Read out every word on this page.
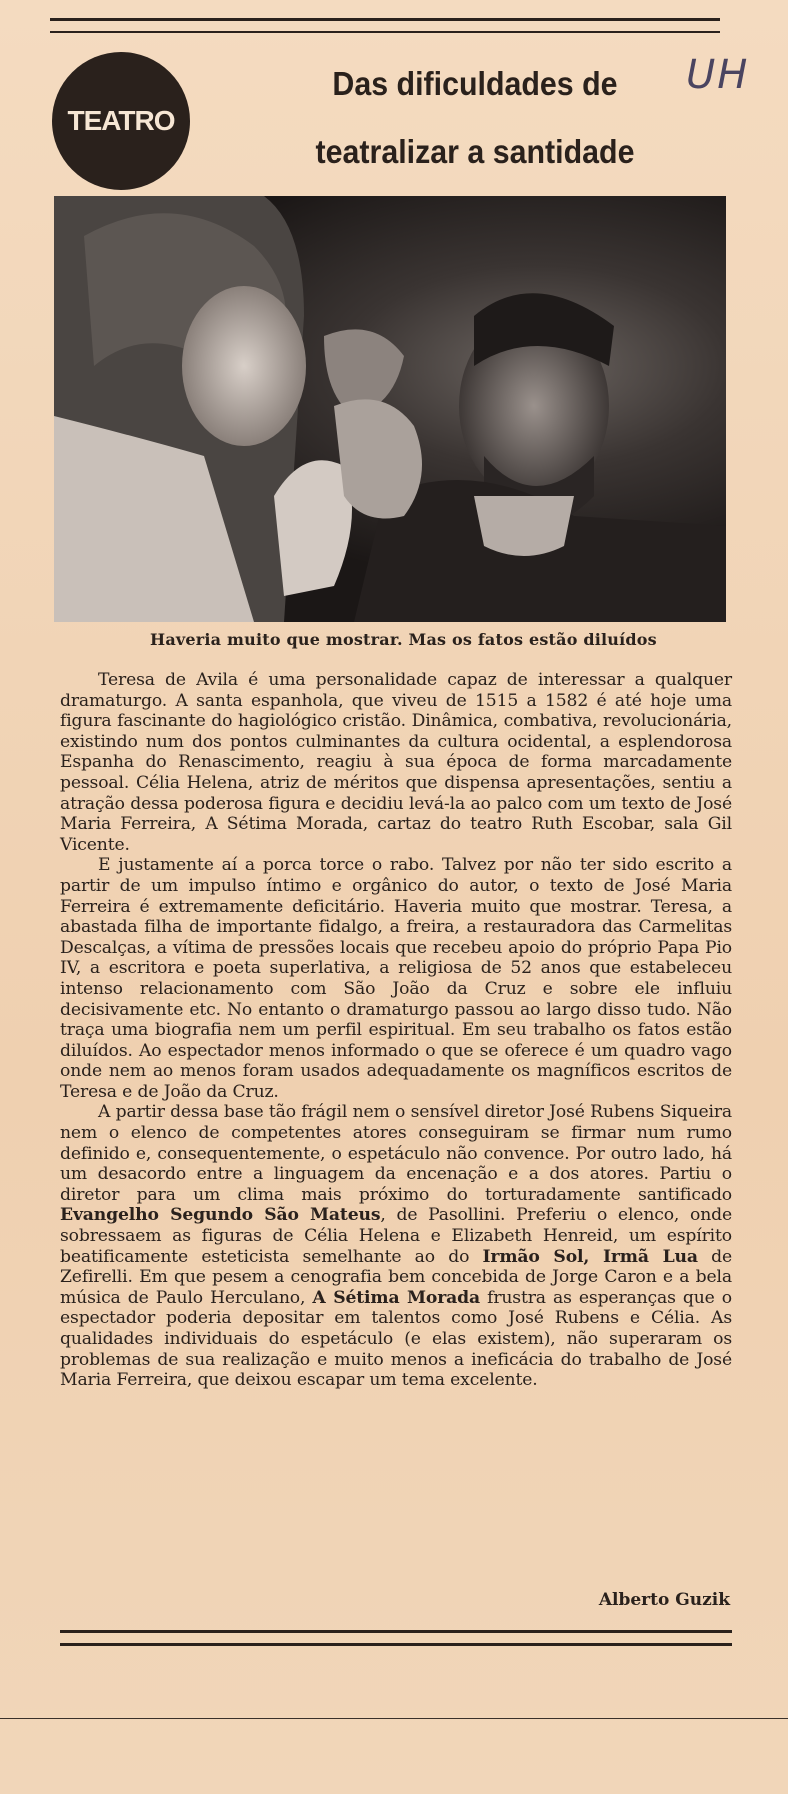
TEATRO
Das dificuldades de
teatralizar a santidade
UH
Haveria muito que mostrar. Mas os fatos estão diluídos

Teresa de Avila é uma personalidade capaz de interessar a qualquer dramaturgo. A santa espanhola, que viveu de 1515 a 1582 é até hoje uma figura fascinante do hagiológico cristão. Dinâmica, combativa, revolucionária, existindo num dos pontos culminantes da cultura ocidental, a esplendorosa Espanha do Renascimento, reagiu à sua época de forma marcadamente pessoal. Célia Helena, atriz de méritos que dispensa apresentações, sentiu a atração dessa poderosa figura e decidiu levá-la ao palco com um texto de José Maria Ferreira, A Sétima Morada, cartaz do teatro Ruth Escobar, sala Gil Vicente.

E justamente aí a porca torce o rabo. Talvez por não ter sido escrito a partir de um impulso íntimo e orgânico do autor, o texto de José Maria Ferreira é extremamente deficitário. Haveria muito que mostrar. Teresa, a abastada filha de importante fidalgo, a freira, a restauradora das Carmelitas Descalças, a vítima de pressões locais que recebeu apoio do próprio Papa Pio IV, a escritora e poeta superlativa, a religiosa de 52 anos que estabeleceu intenso relacionamento com São João da Cruz e sobre ele influiu decisivamente etc. No entanto o dramaturgo passou ao largo disso tudo. Não traça uma biografia nem um perfil espiritual. Em seu trabalho os fatos estão diluídos. Ao espectador menos informado o que se oferece é um quadro vago onde nem ao menos foram usados adequadamente os magníficos escritos de Teresa e de João da Cruz.

A partir dessa base tão frágil nem o sensível diretor José Rubens Siqueira nem o elenco de competentes atores conseguiram se firmar num rumo definido e, consequentemente, o espetáculo não convence. Por outro lado, há um desacordo entre a linguagem da encenação e a dos atores. Partiu o diretor para um clima mais próximo do torturadamente santificado Evangelho Segundo São Mateus, de Pasollini. Preferiu o elenco, onde sobressaem as figuras de Célia Helena e Elizabeth Henreid, um espírito beatificamente esteticista semelhante ao do Irmão Sol, Irmã Lua de Zefirelli. Em que pesem a cenografia bem concebida de Jorge Caron e a bela música de Paulo Herculano, A Sétima Morada frustra as esperanças que o espectador poderia depositar em talentos como José Rubens e Célia. As qualidades individuais do espetáculo (e elas existem), não superaram os problemas de sua realização e muito menos a ineficácia do trabalho de José Maria Ferreira, que deixou escapar um tema excelente.

Alberto Guzik
